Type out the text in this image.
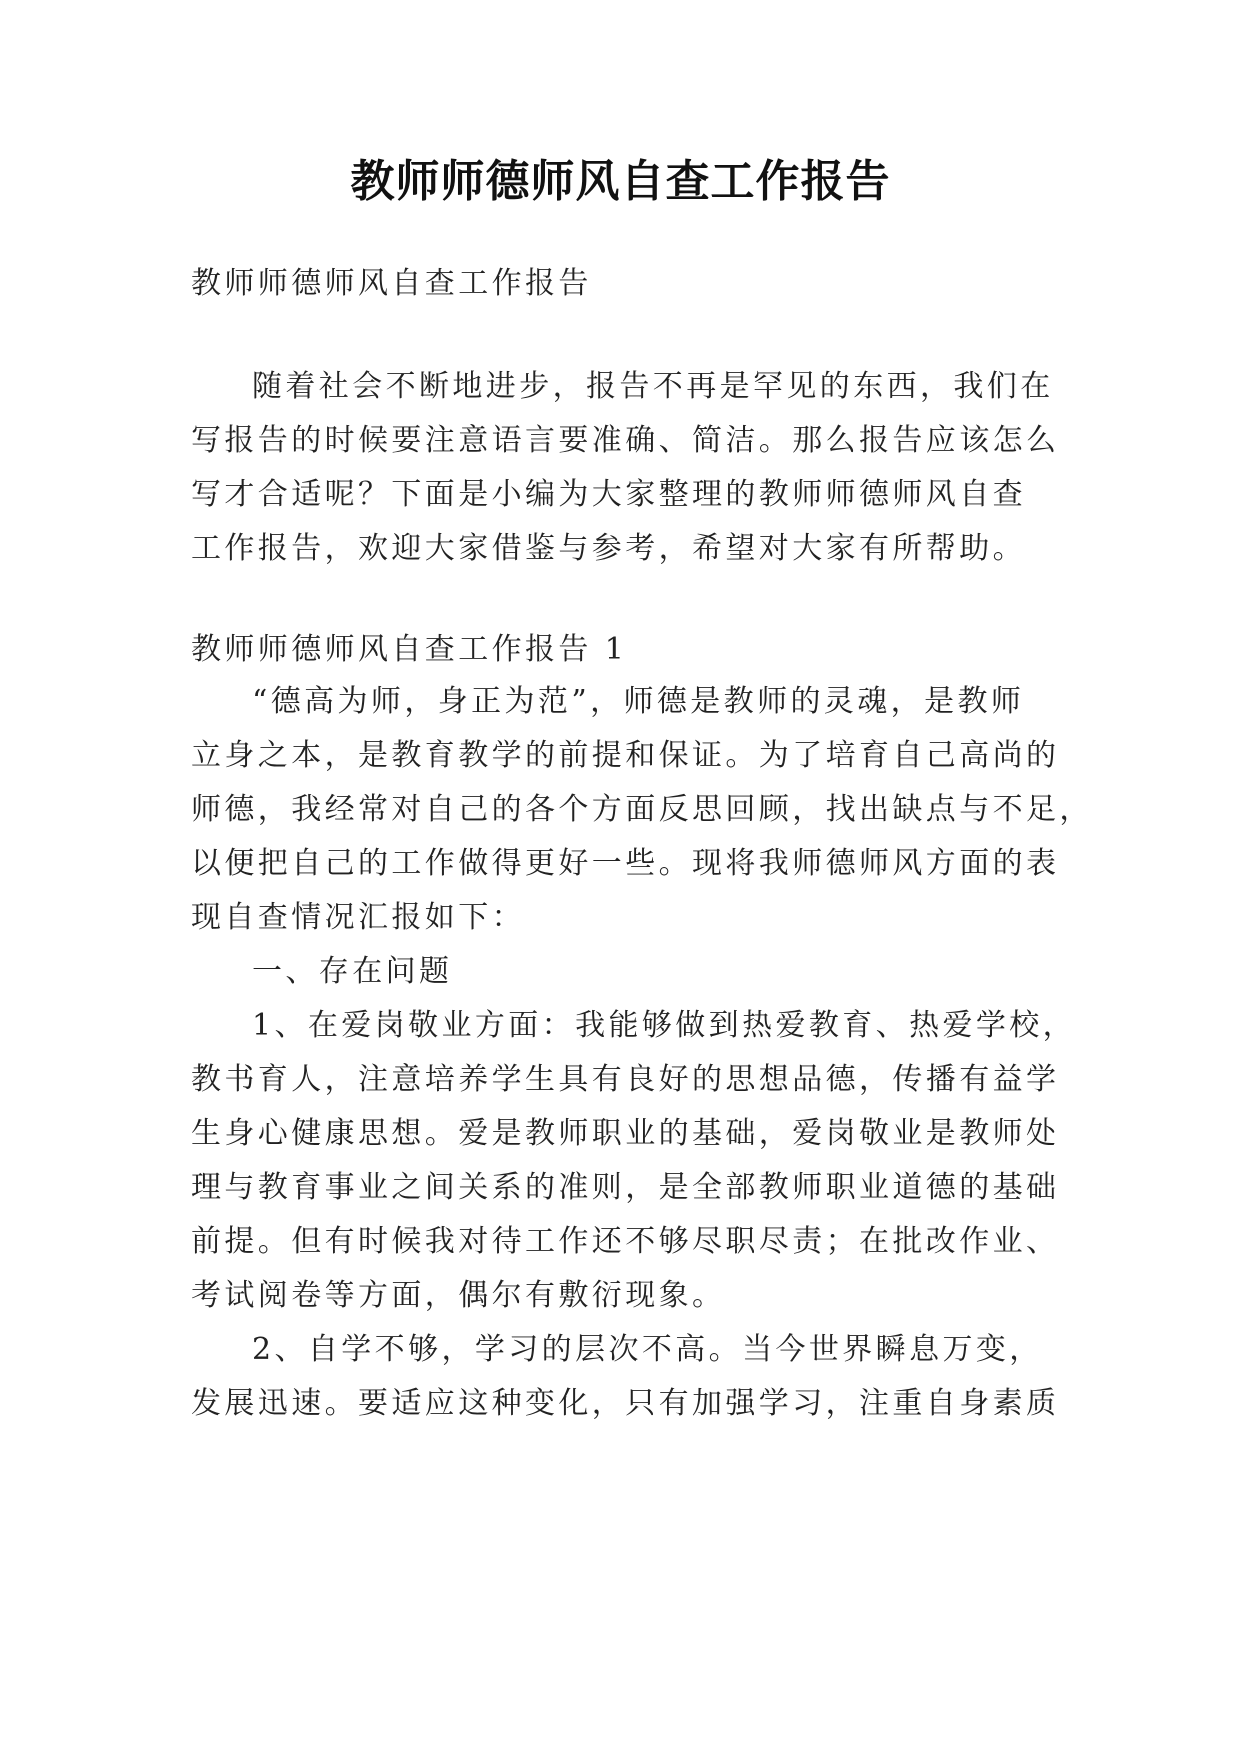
教师师德师风自查工作报告
教师师德师风自查工作报告
随着社会不断地进步，报告不再是罕见的东西，我们在
写报告的时候要注意语言要准确、简洁。那么报告应该怎么
写才合适呢？下面是小编为大家整理的教师师德师风自查
工作报告，欢迎大家借鉴与参考，希望对大家有所帮助。
教师师德师风自查工作报告 1
“德高为师，身正为范”，师德是教师的灵魂，是教师
立身之本，是教育教学的前提和保证。为了培育自己高尚的
师德，我经常对自己的各个方面反思回顾，找出缺点与不足，
以便把自己的工作做得更好一些。现将我师德师风方面的表
现自查情况汇报如下：
一、存在问题
1、在爱岗敬业方面：我能够做到热爱教育、热爱学校，
教书育人，注意培养学生具有良好的思想品德，传播有益学
生身心健康思想。爱是教师职业的基础，爱岗敬业是教师处
理与教育事业之间关系的准则，是全部教师职业道德的基础
前提。但有时候我对待工作还不够尽职尽责；在批改作业、
考试阅卷等方面，偶尔有敷衍现象。
2、自学不够，学习的层次不高。当今世界瞬息万变，
发展迅速。要适应这种变化，只有加强学习，注重自身素质
